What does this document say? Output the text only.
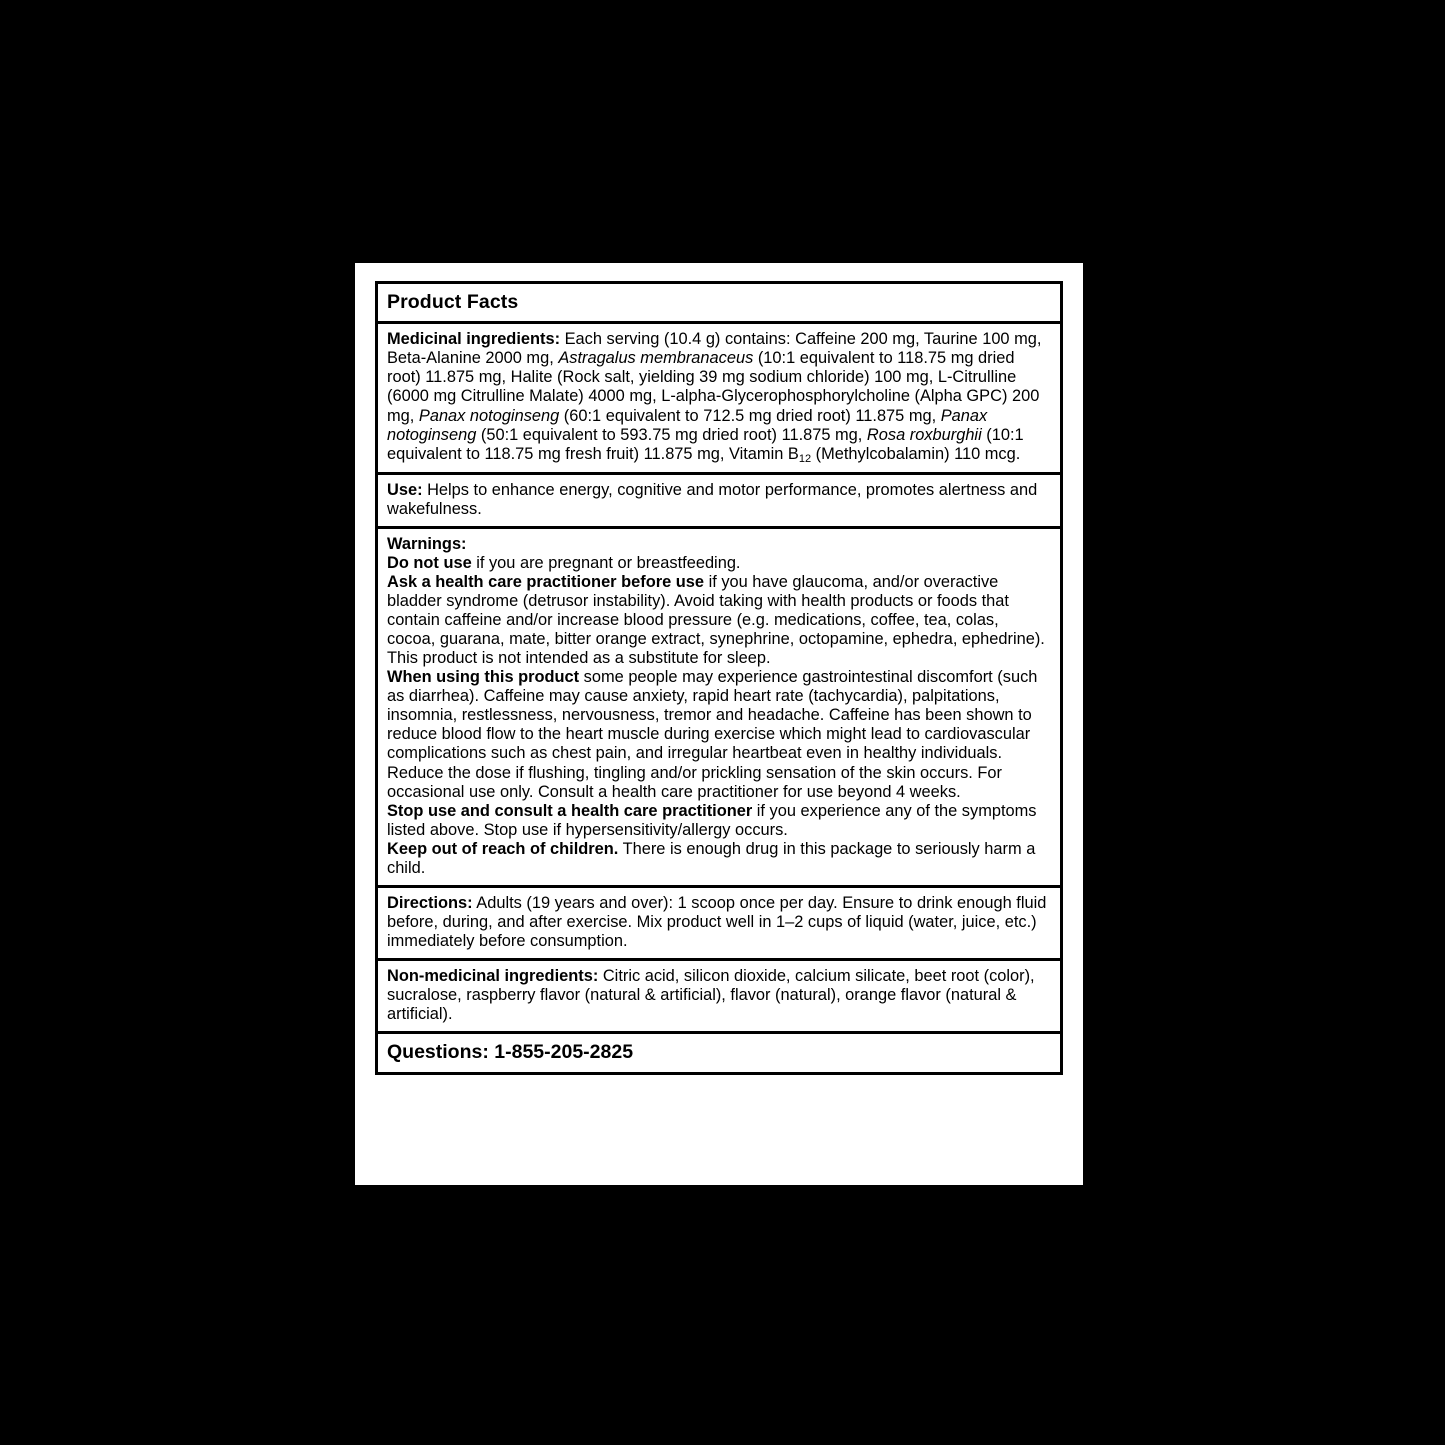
Product Facts

Medicinal ingredients: Each serving (10.4 g) contains: Caffeine 200 mg, Taurine 100 mg, Beta-Alanine 2000 mg, Astragalus membranaceus (10:1 equivalent to 118.75 mg dried root) 11.875 mg, Halite (Rock salt, yielding 39 mg sodium chloride) 100 mg, L-Citrulline (6000 mg Citrulline Malate) 4000 mg, L-alpha-Glycerophosphorylcholine (Alpha GPC) 200 mg, Panax notoginseng (60:1 equivalent to 712.5 mg dried root) 11.875 mg, Panax notoginseng (50:1 equivalent to 593.75 mg dried root) 11.875 mg, Rosa roxburghii (10:1 equivalent to 118.75 mg fresh fruit) 11.875 mg, Vitamin $B_{12}$ (Methylcobalamin) 110 mcg.

Use: Helps to enhance energy, cognitive and motor performance, promotes alertness and wakefulness.

Warnings:

Do not use if you are pregnant or breastfeeding.

Ask a health care practitioner before use if you have glaucoma, and/or overactive bladder syndrome (detrusor instability). Avoid taking with health products or foods that contain caffeine and/or increase blood pressure (e.g. medications, coffee, tea, colas, cocoa, guarana, mate, bitter orange extract, synephrine, octopamine, ephedra, ephedrine). This product is not intended as a substitute for sleep.

When using this product some people may experience gastrointestinal discomfort (such as diarrhea). Caffeine may cause anxiety, rapid heart rate (tachycardia), palpitations, insomnia, restlessness, nervousness, tremor and headache. Caffeine has been shown to reduce blood flow to the heart muscle during exercise which might lead to cardiovascular complications such as chest pain, and irregular heartbeat even in healthy individuals. Reduce the dose if flushing, tingling and/or prickling sensation of the skin occurs. For occasional use only. Consult a health care practitioner for use beyond 4 weeks.

Stop use and consult a health care practitioner if you experience any of the symptoms listed above. Stop use if hypersensitivity/allergy occurs.

Keep out of reach of children. There is enough drug in this package to seriously harm a child.

Directions: Adults (19 years and over): 1 scoop once per day. Ensure to drink enough fluid before, during, and after exercise. Mix product well in 1–2 cups of liquid (water, juice, etc.) immediately before consumption.

Non-medicinal ingredients: Citric acid, silicon dioxide, calcium silicate, beet root (color), sucralose, raspberry flavor (natural & artificial), flavor (natural), orange flavor (natural & artificial).

Questions: 1-855-205-2825
